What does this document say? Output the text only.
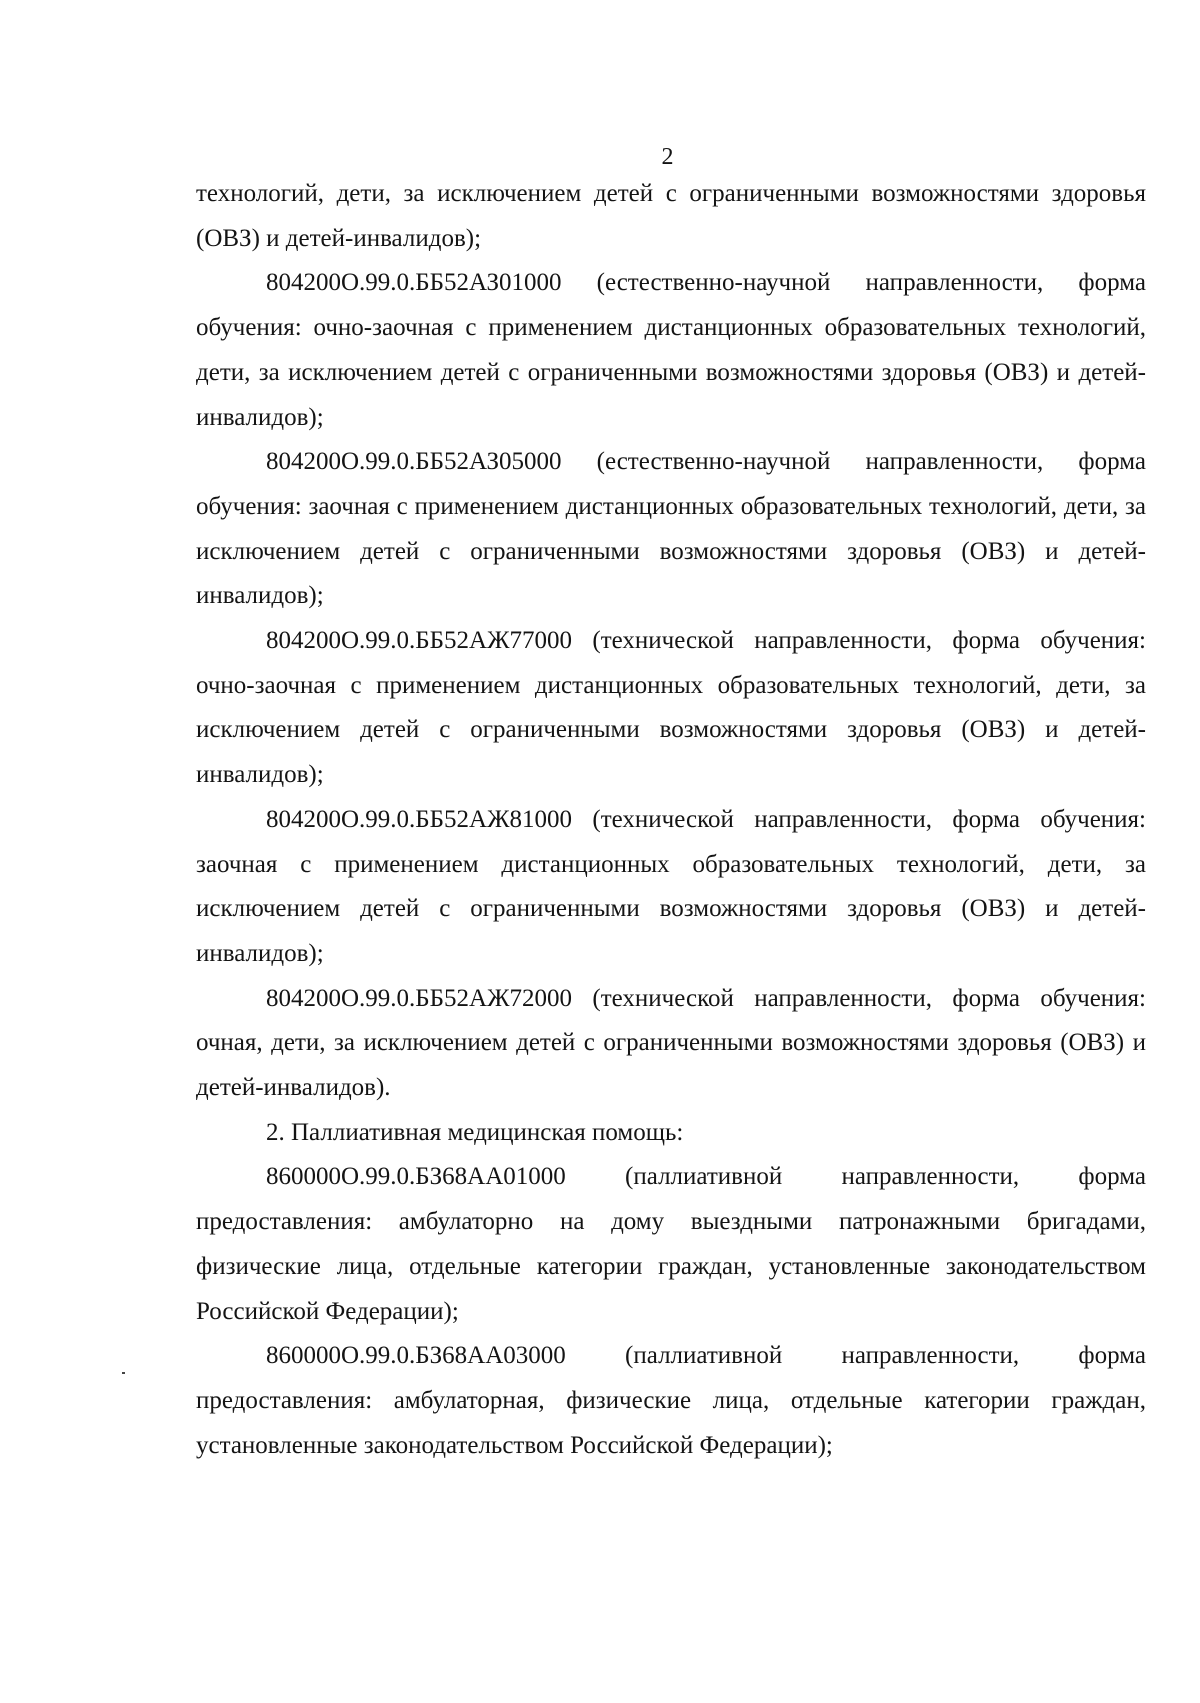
2

технологий, дети, за исключением детей с ограниченными возможностями здоровья (ОВЗ) и детей-инвалидов);

804200О.99.0.ББ52АЗ01000 (естественно-научной направленности, форма обучения: очно-заочная с применением дистанционных образовательных технологий, дети, за исключением детей с ограниченными возможностями здоровья (ОВЗ) и детей-инвалидов);

804200О.99.0.ББ52АЗ05000 (естественно-научной направленности, форма обучения: заочная с применением дистанционных образовательных технологий, дети, за исключением детей с ограниченными возможностями здоровья (ОВЗ) и детей-инвалидов);

804200О.99.0.ББ52АЖ77000 (технической направленности, форма обучения: очно-заочная с применением дистанционных образовательных технологий, дети, за исключением детей с ограниченными возможностями здоровья (ОВЗ) и детей-инвалидов);

804200О.99.0.ББ52АЖ81000 (технической направленности, форма обучения: заочная с применением дистанционных образовательных технологий, дети, за исключением детей с ограниченными возможностями здоровья (ОВЗ) и детей-инвалидов);

804200О.99.0.ББ52АЖ72000 (технической направленности, форма обучения: очная, дети, за исключением детей с ограниченными возможностями здоровья (ОВЗ) и детей-инвалидов).

2. Паллиативная медицинская помощь:

860000О.99.0.БЗ68АА01000 (паллиативной направленности, форма предоставления: амбулаторно на дому выездными патронажными бригадами, физические лица, отдельные категории граждан, установленные законодательством Российской Федерации);

860000О.99.0.БЗ68АА03000 (паллиативной направленности, форма предоставления: амбулаторная, физические лица, отдельные категории граждан, установленные законодательством Российской Федерации);
